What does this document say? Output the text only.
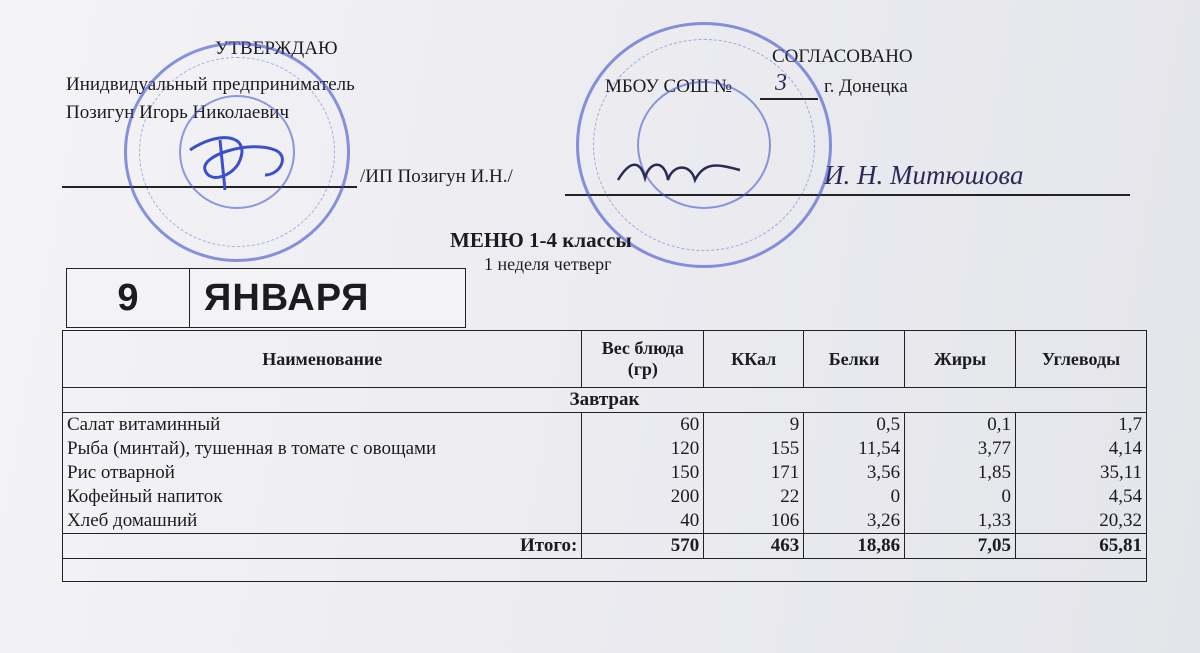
УТВЕРЖДАЮ
Инидвидуальный предприниматель
Позигун Игорь Николаевич
/ИП Позигун И.Н./
СОГЛАСОВАНО
МБОУ СОШ № 3 г. Донецка
И. Н. Митюшова
МЕНЮ 1-4 классы
1 неделя четверг
9	ЯНВАРЯ
Наименование	Вес блюда (гр)	ККал	Белки	Жиры	Углеводы
Завтрак					
Салат витаминный	60	9	0,5	0,1	1,7
Рыба (минтай), тушенная в томате с овощами	120	155	11,54	3,77	4,14
Рис отварной	150	171	3,56	1,85	35,11
Кофейный напиток	200	22	0	0	4,54
Хлеб домашний	40	106	3,26	1,33	20,32
Итого:	570	463	18,86	7,05	65,81
